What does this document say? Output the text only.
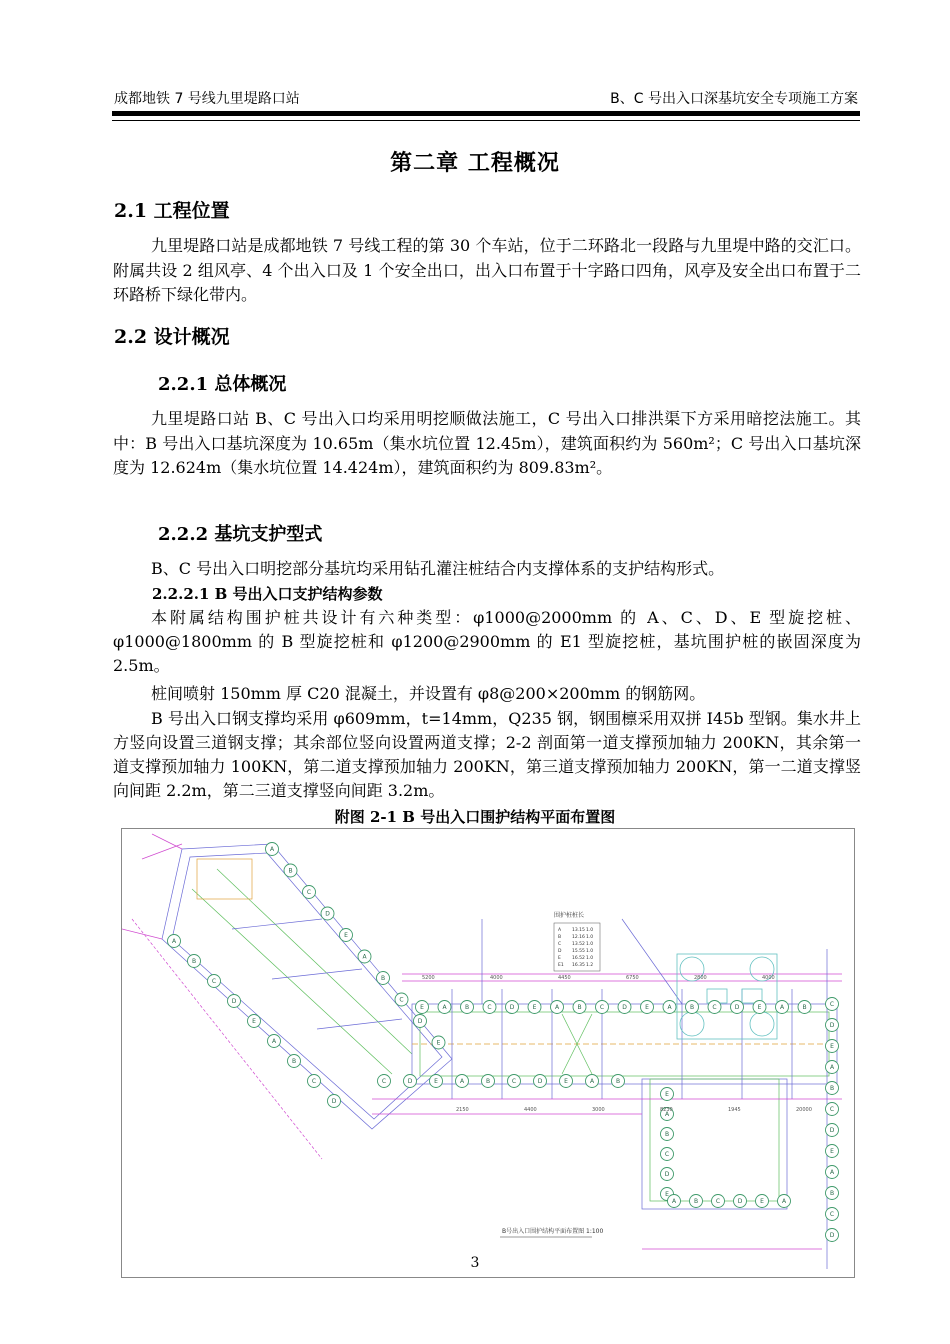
成都地铁 7 号线九里堤路口站	B、C 号出入口深基坑安全专项施工方案
第二章 工程概况
2.1 工程位置

九里堤路口站是成都地铁 7 号线工程的第 30 个车站，位于二环路北一段路与九里堤中路的交汇口。附属共设 2 组风亭、4 个出入口及 1 个安全出口，出入口布置于十字路口四角，风亭及安全出口布置于二环路桥下绿化带内。

2.2 设计概况
2.2.1 总体概况

九里堤路口站 B、C 号出入口均采用明挖顺做法施工，C 号出入口排洪渠下方采用暗挖法施工。其中：B 号出入口基坑深度为 10.65m（集水坑位置 12.45m），建筑面积约为 560m²；C 号出入口基坑深度为 12.624m（集水坑位置 14.424m），建筑面积约为 809.83m²。

2.2.2 基坑支护型式

B、C 号出入口明挖部分基坑均采用钻孔灌注桩结合内支撑体系的支护结构形式。

2.2.2.1 B 号出入口支护结构参数

本附属结构围护桩共设计有六种类型：φ1000@2000mm 的 A、C、D、E 型旋挖桩、φ1000@1800mm 的 B 型旋挖桩和 φ1200@2900mm 的 E1 型旋挖桩，基坑围护桩的嵌固深度为 2.5m。

桩间喷射 150mm 厚 C20 混凝土，并设置有 φ8@200×200mm 的钢筋网。

B 号出入口钢支撑均采用 φ609mm，t=14mm，Q235 钢，钢围檩采用双拼 I45b 型钢。集水井上方竖向设置三道钢支撑；其余部位竖向设置两道支撑；2-2 剖面第一道支撑预加轴力 200KN，其余第一道支撑预加轴力 100KN，第二道支撑预加轴力 200KN，第三道支撑预加轴力 200KN，第一二道支撑竖向间距 2.2m，第二三道支撑竖向间距 3.2m。

附图 2-1 B 号出入口围护结构平面布置图
围护桩桩长
A 13.15 1.0
B 12.16 1.0
C 13.52 1.0
D 15.55 1.0
E 16.52 1.0
E1 16.35 1.2
A
B
C
D
E
A
B
C
D
E
A
B
C
D
E
A
B
C
D
E	A	B	C	D	E	A	B	C	D	E	A	B	C	D	E	A	B
C	D	E	A	B	C	D	E	A	B
C
D
E
A
B
C
D
E
A
B
C
D
E
A
B
C
D
E
A	B	C	D	E	A
5200
2150
4000
4400
4450
3000
6750
8230
2800
1945
4000
20000
B号出入口围护结构平面布置图 1:100
3
